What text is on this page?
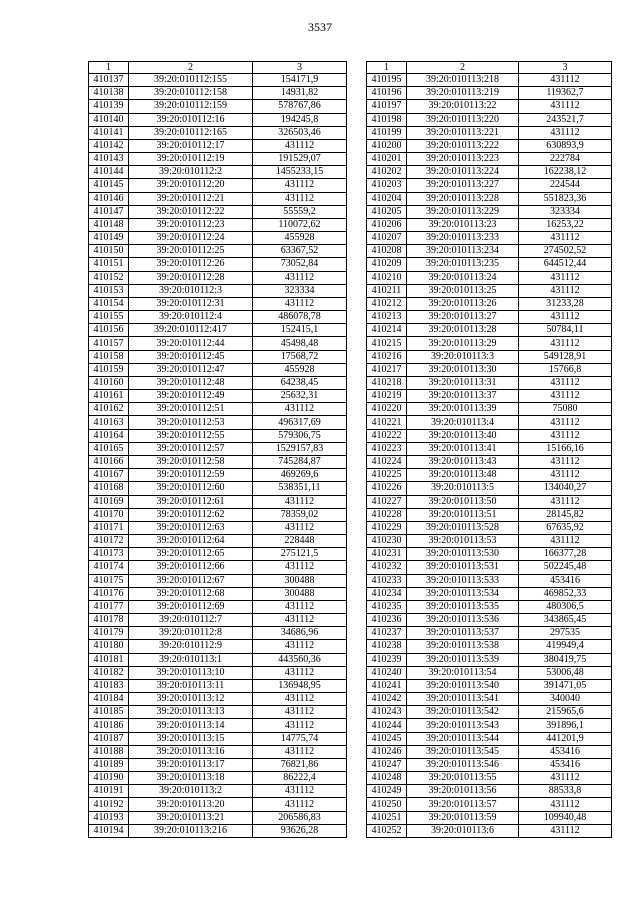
3537
1	2	3
410137	39:20:010112:155	154171,9
410138	39:20:010112:158	14931,82
410139	39:20:010112:159	578767,86
410140	39:20:010112:16	194245,8
410141	39:20:010112:165	326503,46
410142	39:20:010112:17	431112
410143	39:20:010112:19	191529,07
410144	39:20:010112:2	1455233,15
410145	39:20:010112:20	431112
410146	39:20:010112:21	431112
410147	39:20:010112:22	55559,2
410148	39:20:010112:23	110072,62
410149	39:20:010112:24	455928
410150	39:20:010112:25	63367,52
410151	39:20:010112:26	73052,84
410152	39:20:010112:28	431112
410153	39:20:010112:3	323334
410154	39:20:010112:31	431112
410155	39:20:010112:4	486078,78
410156	39:20:010112:417	152415,1
410157	39:20:010112:44	45498,48
410158	39:20:010112:45	17568,72
410159	39:20:010112:47	455928
410160	39:20:010112:48	64238,45
410161	39:20:010112:49	25632,31
410162	39:20:010112:51	431112
410163	39:20:010112:53	496317,69
410164	39:20:010112:55	579306,75
410165	39:20:010112:57	1529157,83
410166	39:20:010112:58	745284,87
410167	39:20:010112:59	469269,6
410168	39:20:010112:60	538351,11
410169	39:20:010112:61	431112
410170	39:20:010112:62	78359,02
410171	39:20:010112:63	431112
410172	39:20:010112:64	228448
410173	39:20:010112:65	275121,5
410174	39:20:010112:66	431112
410175	39:20:010112:67	300488
410176	39:20:010112:68	300488
410177	39:20:010112:69	431112
410178	39:20:010112:7	431112
410179	39:20:010112:8	34686,96
410180	39:20:010112:9	431112
410181	39:20:010113:1	443560,36
410182	39:20:010113:10	431112
410183	39:20:010113:11	136948,95
410184	39:20:010113:12	431112
410185	39:20:010113:13	431112
410186	39:20:010113:14	431112
410187	39:20:010113:15	14775,74
410188	39:20:010113:16	431112
410189	39:20:010113:17	76821,86
410190	39:20:010113:18	86222,4
410191	39:20:010113:2	431112
410192	39:20:010113:20	431112
410193	39:20:010113:21	206586,83
410194	39:20:010113:216	93626,28
1	2	3
410195	39:20:010113:218	431112
410196	39:20:010113:219	119362,7
410197	39:20:010113:22	431112
410198	39:20:010113:220	243521,7
410199	39:20:010113:221	431112
410200	39:20:010113:222	630893,9
410201	39:20:010113:223	222784
410202	39:20:010113:224	162238,12
410203	39:20:010113:227	224544
410204	39:20:010113:228	551823,36
410205	39:20:010113:229	323334
410206	39:20:010113:23	16253,22
410207	39:20:010113:233	431112
410208	39:20:010113:234	274502,52
410209	39:20:010113:235	644512,44
410210	39:20:010113:24	431112
410211	39:20:010113:25	431112
410212	39:20:010113:26	31233,28
410213	39:20:010113:27	431112
410214	39:20:010113:28	50784,11
410215	39:20:010113:29	431112
410216	39:20:010113:3	549128,91
410217	39:20:010113:30	15766,8
410218	39:20:010113:31	431112
410219	39:20:010113:37	431112
410220	39:20:010113:39	75080
410221	39:20:010113:4	431112
410222	39:20:010113:40	431112
410223	39:20:010113:41	15166,16
410224	39:20:010113:43	431112
410225	39:20:010113:48	431112
410226	39:20:010113:5	134040,27
410227	39:20:010113:50	431112
410228	39:20:010113:51	28145,82
410229	39:20:010113:528	67635,92
410230	39:20:010113:53	431112
410231	39:20:010113:530	166377,28
410232	39:20:010113:531	502245,48
410233	39:20:010113:533	453416
410234	39:20:010113:534	469852,33
410235	39:20:010113:535	480306,5
410236	39:20:010113:536	343865,45
410237	39:20:010113:537	297535
410238	39:20:010113:538	419949,4
410239	39:20:010113:539	380419,75
410240	39:20:010113:54	53006,48
410241	39:20:010113:540	391471,05
410242	39:20:010113:541	340040
410243	39:20:010113:542	215965,6
410244	39:20:010113:543	391896,1
410245	39:20:010113:544	441201,9
410246	39:20:010113:545	453416
410247	39:20:010113:546	453416
410248	39:20:010113:55	431112
410249	39:20:010113:56	88533,8
410250	39:20:010113:57	431112
410251	39:20:010113:59	109940,48
410252	39:20:010113:6	431112
